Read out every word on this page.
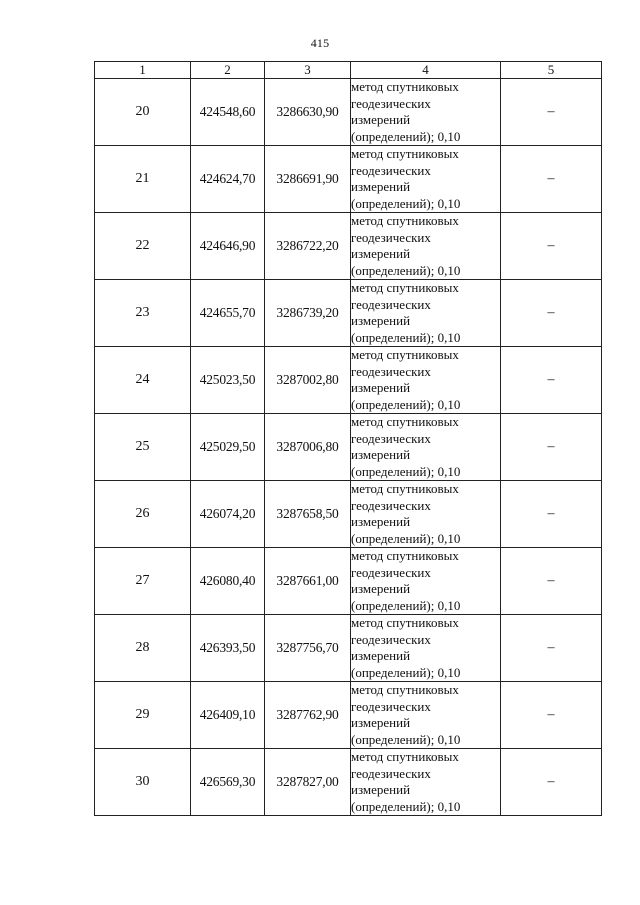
415
1	2	3	4	5
20	424548,60	3286630,90	метод спутниковых
геодезических
измерений
(определений); 0,10	–
21	424624,70	3286691,90	метод спутниковых
геодезических
измерений
(определений); 0,10	–
22	424646,90	3286722,20	метод спутниковых
геодезических
измерений
(определений); 0,10	–
23	424655,70	3286739,20	метод спутниковых
геодезических
измерений
(определений); 0,10	–
24	425023,50	3287002,80	метод спутниковых
геодезических
измерений
(определений); 0,10	–
25	425029,50	3287006,80	метод спутниковых
геодезических
измерений
(определений); 0,10	–
26	426074,20	3287658,50	метод спутниковых
геодезических
измерений
(определений); 0,10	–
27	426080,40	3287661,00	метод спутниковых
геодезических
измерений
(определений); 0,10	–
28	426393,50	3287756,70	метод спутниковых
геодезических
измерений
(определений); 0,10	–
29	426409,10	3287762,90	метод спутниковых
геодезических
измерений
(определений); 0,10	–
30	426569,30	3287827,00	метод спутниковых
геодезических
измерений
(определений); 0,10	–
